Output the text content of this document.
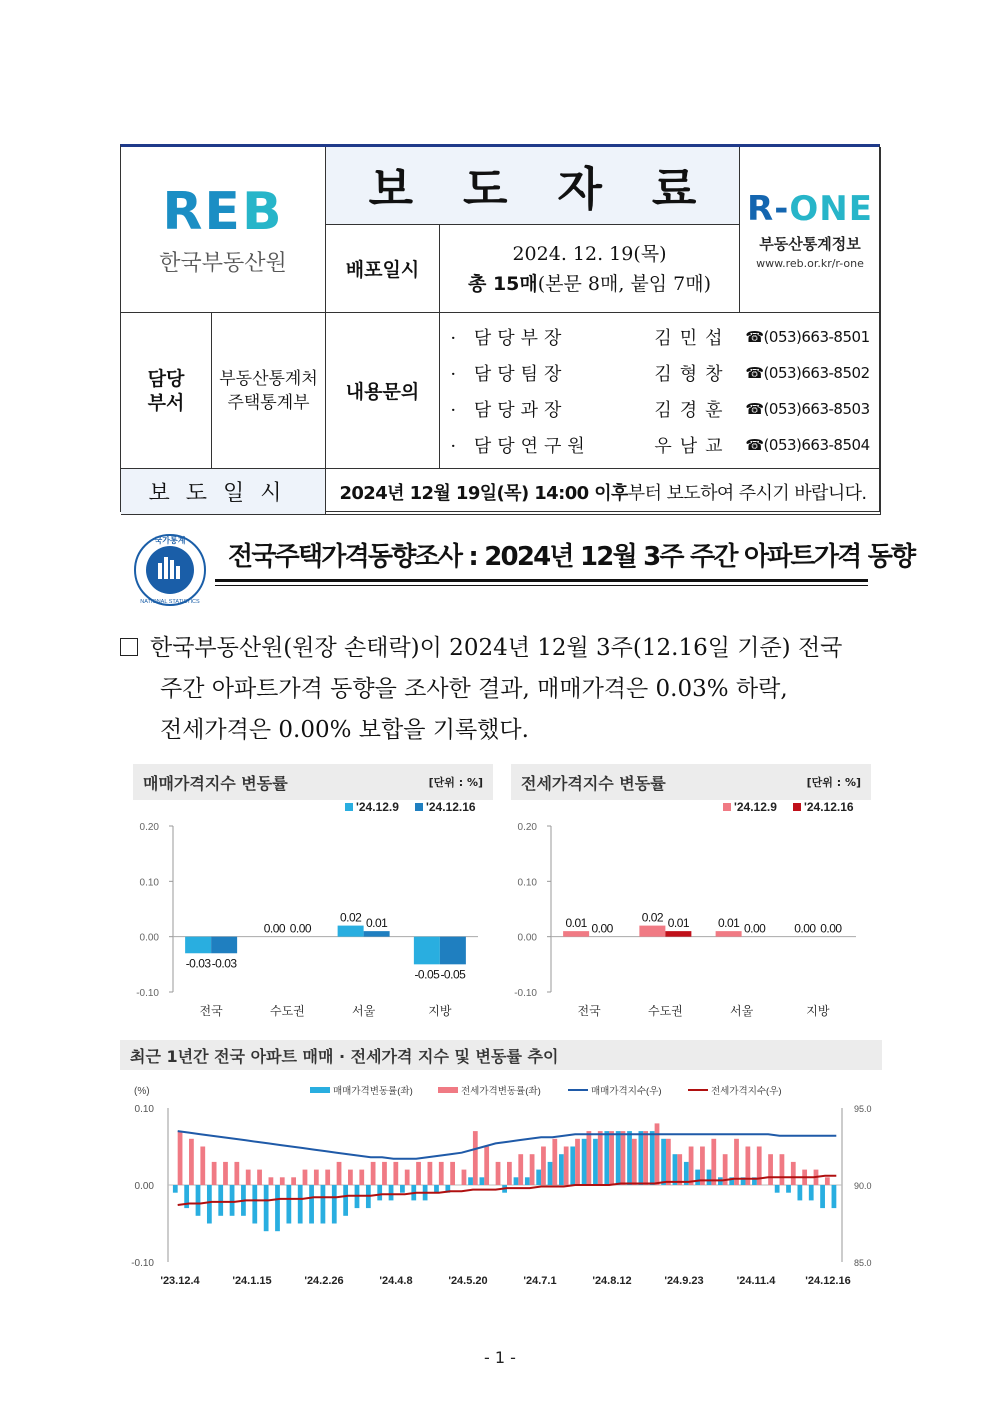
REB
한국부동산원
보도자료
배포일시
2024. 12. 19(목)
총 15매(본문 8매, 붙임 7매)
R-ONE
부동산통계정보
www.reb.or.kr/r-one
담당
부서
부동산통계처
주택통계부	내용문의
· 담당부장	김민섭 ☎(053)663-8501
· 담당팀장	김형창 ☎(053)663-8502
· 담당과장	김경훈 ☎(053)663-8503
· 담당연구원	우남교 ☎(053)663-8504
보도일시	2024년 12월 19일(목) 14:00 이후 부터 보도하여 주시기 바랍니다.
국가통계
NATIONAL STATISTICS
전국주택가격동향조사 : 2024년 12월 3주 주간 아파트가격 동향
한국부동산원(원장 손태락)이 2024년 12월 3주(12.16일 기준) 전국
주간 아파트가격 동향을 조사한 결과, 매매가격은 0.03% 하락,
전세가격은 0.00% 보합을 기록했다.
매매가격지수 변동률	[단위 : %]
0.20
0.10
0.00
-0.10
'24.12.9 '24.12.16
전국
-0.03 -0.03
수도권
0.00 0.00
서울
0.02 0.01
지방
-0.05 -0.05
전세가격지수 변동률	[단위 : %]
0.20
0.10
0.00
-0.10
'24.12.9 '24.12.16
전국
0.01 0.00
수도권
0.02 0.01
서울
0.01 0.00
지방
0.00 0.00
최근 1년간 전국 아파트 매매 · 전세가격 지수 및 변동률 추이
(%)
0.10
0.00
-0.10
95.0
90.0
85.0
매매가격변동률(좌)	전세가격변동률(좌)	매매가격지수(우)	전세가격지수(우)
'23.12.4	'24.1.15	'24.2.26	'24.4.8	'24.5.20	'24.7.1	'24.8.12	'24.9.23	'24.11.4	'24.12.16
- 1 -
